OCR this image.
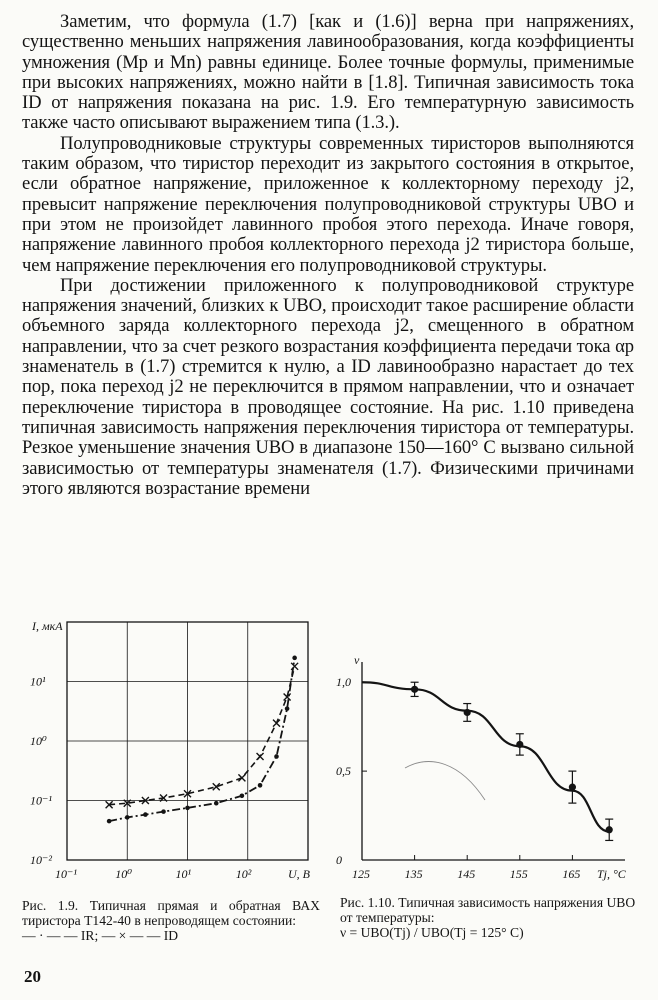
Заметим, что формула (1.7) [как и (1.6)] верна при напряжениях, существенно меньших напряжения лавинообразования, когда коэффициенты умножения (Mp и Mn) равны единице. Более точные формулы, применимые при высоких напряжениях, можно найти в [1.8]. Типичная зависимость тока ID от напряжения показана на рис. 1.9. Его температурную зависимость также часто описывают выражением типа (1.3.).

Полупроводниковые структуры современных тиристоров выполняются таким образом, что тиристор переходит из закрытого состояния в открытое, если обратное напряжение, приложенное к коллекторному переходу j2, превысит напряжение переключения полупроводниковой структуры UBO и при этом не произойдет лавинного пробоя этого перехода. Иначе говоря, напряжение лавинного пробоя коллекторного перехода j2 тиристора больше, чем напряжение переключения его полупроводниковой структуры.

При достижении приложенного к полупроводниковой структуре напряжения значений, близких к UBO, происходит такое расширение области объемного заряда коллекторного перехода j2, смещенного в обратном направлении, что за счет резкого возрастания коэффициента передачи тока αp знаменатель в (1.7) стремится к нулю, а ID лавинообразно нарастает до тех пор, пока переход j2 не переключится в прямом направлении, что и означает переключение тиристора в проводящее состояние. На рис. 1.10 приведена типичная зависимость напряжения переключения тиристора от температуры. Резкое уменьшение значения UBO в диапазоне 150—160° С вызвано сильной зависимостью от температуры знаменателя (1.7). Физическими причинами этого являются возрастание времени

10⁻²
10⁻¹
10⁰
10¹
10⁻¹	10⁰	10¹	10²	U, В
I, мкА
0
0,5
1,0
125	135	145	155	165 Tj, °C
ν
Рис. 1.9. Типичная прямая и обратная ВАХ тиристора Т142-40 в непроводящем состоянии:
— · — — IR; — × — — ID
Рис. 1.10. Типичная зависимость напряжения UBO от температуры:
ν = UBO(Tj) / UBO(Tj = 125° C)
20
